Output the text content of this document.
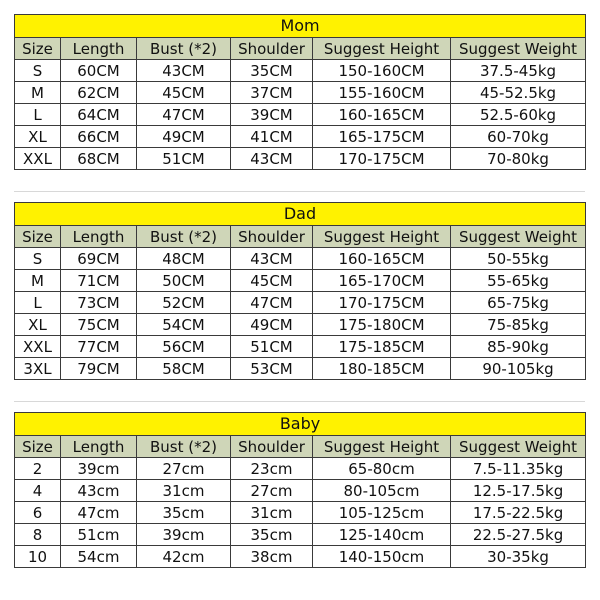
Mom					
Size	Length	Bust (*2)	Shoulder	Suggest Height	Suggest Weight
S	60CM	43CM	35CM	150-160CM	37.5-45kg
M	62CM	45CM	37CM	155-160CM	45-52.5kg
L	64CM	47CM	39CM	160-165CM	52.5-60kg
XL	66CM	49CM	41CM	165-175CM	60-70kg
XXL	68CM	51CM	43CM	170-175CM	70-80kg
Dad					
Size	Length	Bust (*2)	Shoulder	Suggest Height	Suggest Weight
S	69CM	48CM	43CM	160-165CM	50-55kg
M	71CM	50CM	45CM	165-170CM	55-65kg
L	73CM	52CM	47CM	170-175CM	65-75kg
XL	75CM	54CM	49CM	175-180CM	75-85kg
XXL	77CM	56CM	51CM	175-185CM	85-90kg
3XL	79CM	58CM	53CM	180-185CM	90-105kg
Baby					
Size	Length	Bust (*2)	Shoulder	Suggest Height	Suggest Weight
2	39cm	27cm	23cm	65-80cm	7.5-11.35kg
4	43cm	31cm	27cm	80-105cm	12.5-17.5kg
6	47cm	35cm	31cm	105-125cm	17.5-22.5kg
8	51cm	39cm	35cm	125-140cm	22.5-27.5kg
10	54cm	42cm	38cm	140-150cm	30-35kg
